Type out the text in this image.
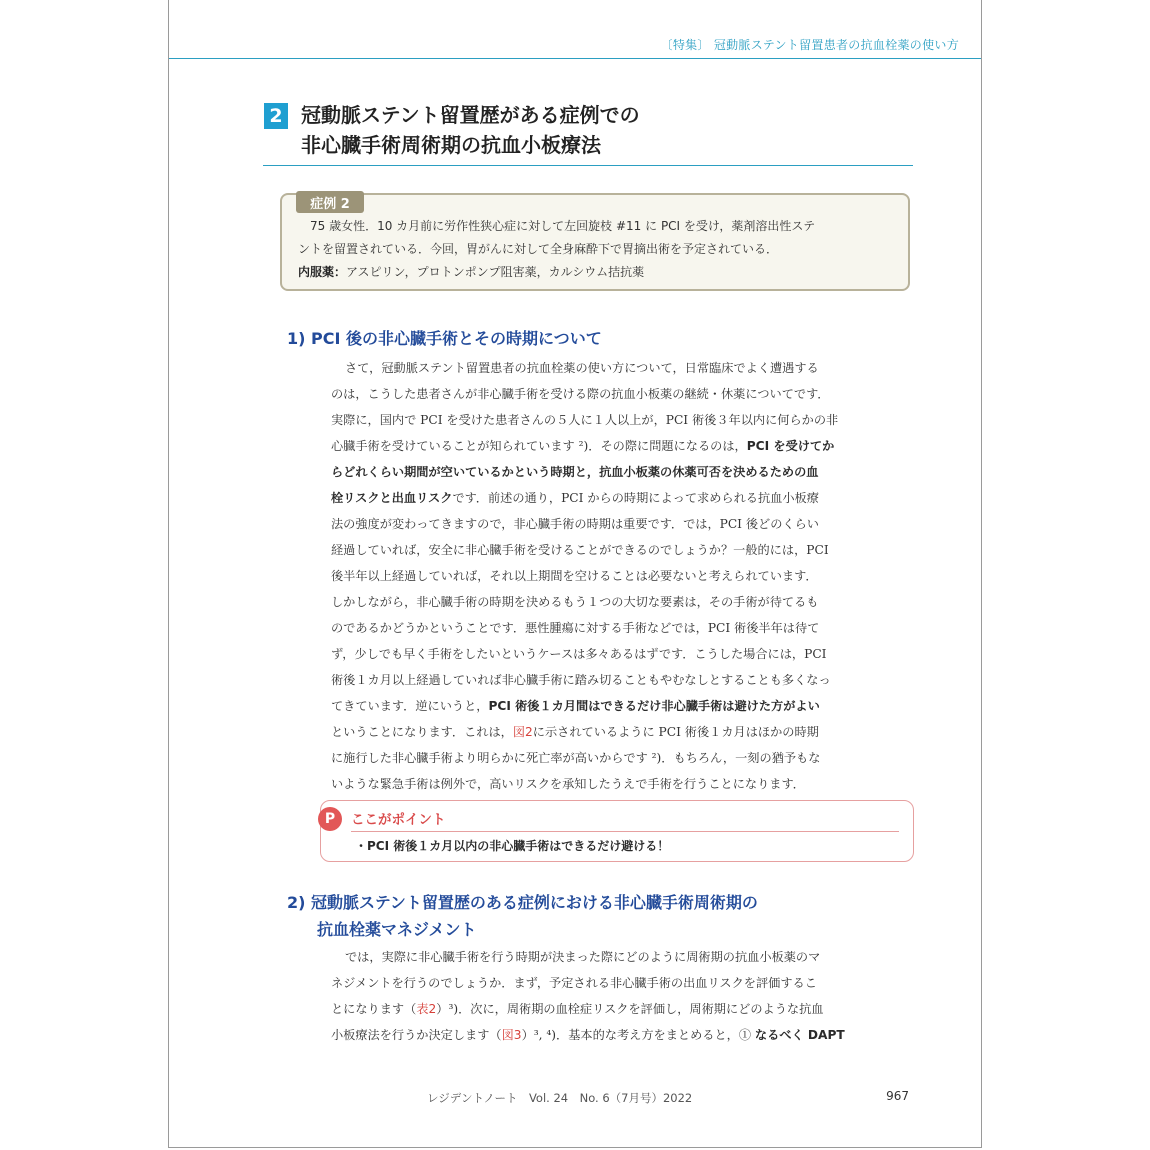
〔特集〕 冠動脈ステント留置患者の抗血栓薬の使い方
2 冠動脈ステント留置歴がある症例での
非心臓手術周術期の抗血小板療法
症例 2
75 歳女性．10 カ月前に労作性狭心症に対して左回旋枝 #11 に PCI を受け，薬剤溶出性ステ
ントを留置されている．今回，胃がんに対して全身麻酔下で胃摘出術を予定されている．
内服薬：アスピリン，プロトンポンプ阻害薬，カルシウム拮抗薬
1) PCI 後の非心臓手術とその時期について
さて，冠動脈ステント留置患者の抗血栓薬の使い方について，日常臨床でよく遭遇する
のは，こうした患者さんが非心臓手術を受ける際の抗血小板薬の継続・休薬についてです．
実際に，国内で PCI を受けた患者さんの５人に１人以上が，PCI 術後３年以内に何らかの非
心臓手術を受けていることが知られています ²)．その際に問題になるのは，PCI を受けてか
らどれくらい期間が空いているかという時期と，抗血小板薬の休薬可否を決めるための血
栓リスクと出血リスクです．前述の通り，PCI からの時期によって求められる抗血小板療
法の強度が変わってきますので，非心臓手術の時期は重要です．では，PCI 後どのくらい
経過していれば，安全に非心臓手術を受けることができるのでしょうか？一般的には，PCI
後半年以上経過していれば，それ以上期間を空けることは必要ないと考えられています．
しかしながら，非心臓手術の時期を決めるもう１つの大切な要素は，その手術が待てるも
のであるかどうかということです．悪性腫瘍に対する手術などでは，PCI 術後半年は待て
ず，少しでも早く手術をしたいというケースは多々あるはずです．こうした場合には，PCI
術後１カ月以上経過していれば非心臓手術に踏み切ることもやむなしとすることも多くなっ
てきています．逆にいうと，PCI 術後１カ月間はできるだけ非心臓手術は避けた方がよい
ということになります．これは，図2に示されているように PCI 術後１カ月はほかの時期
に施行した非心臓手術より明らかに死亡率が高いからです ²)．もちろん，一刻の猶予もな
いような緊急手術は例外で，高いリスクを承知したうえで手術を行うことになります．
P	ここがポイント
・PCI 術後１カ月以内の非心臓手術はできるだけ避ける！
2) 冠動脈ステント留置歴のある症例における非心臓手術周術期の
抗血栓薬マネジメント
では，実際に非心臓手術を行う時期が決まった際にどのように周術期の抗血小板薬のマ
ネジメントを行うのでしょうか．まず，予定される非心臓手術の出血リスクを評価するこ
とになります（表2）³)．次に，周術期の血栓症リスクを評価し，周術期にどのような抗血
小板療法を行うか決定します（図3）³, ⁴)．基本的な考え方をまとめると，① なるべく DAPT
レジデントノート　Vol. 24　No. 6（7月号）2022	967
